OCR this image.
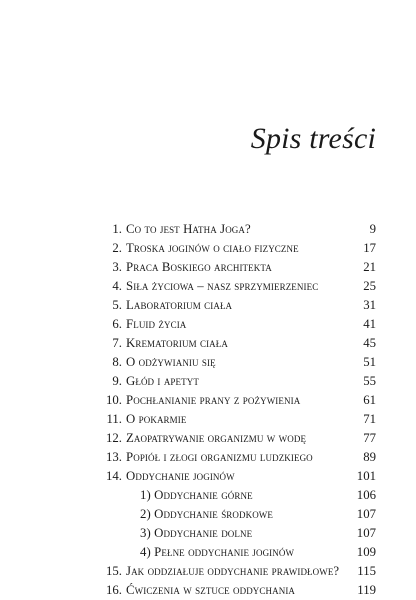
Spis treści
1. Co to jest Hatha Joga?	9
2. Troska joginów o ciało fizyczne	17
3. Praca Boskiego architekta	21
4. Siła życiowa – nasz sprzymierzeniec	25
5. Laboratorium ciała	31
6. Fluid życia	41
7. Krematorium ciała	45
8. O odżywianiu się	51
9. Głód i apetyt	55
10. Pochłanianie prany z pożywienia	61
11. O pokarmie	71
12. Zaopatrywanie organizmu w wodę	77
13. Popiół i złogi organizmu ludzkiego	89
14. Oddychanie joginów	101
1) Oddychanie górne	106
2) Oddychanie środkowe	107
3) Oddychanie dolne	107
4) Pełne oddychanie joginów	109
15. Jak oddziałuje oddychanie prawidłowe? 115
16. Ćwiczenia w sztuce oddychania	119
